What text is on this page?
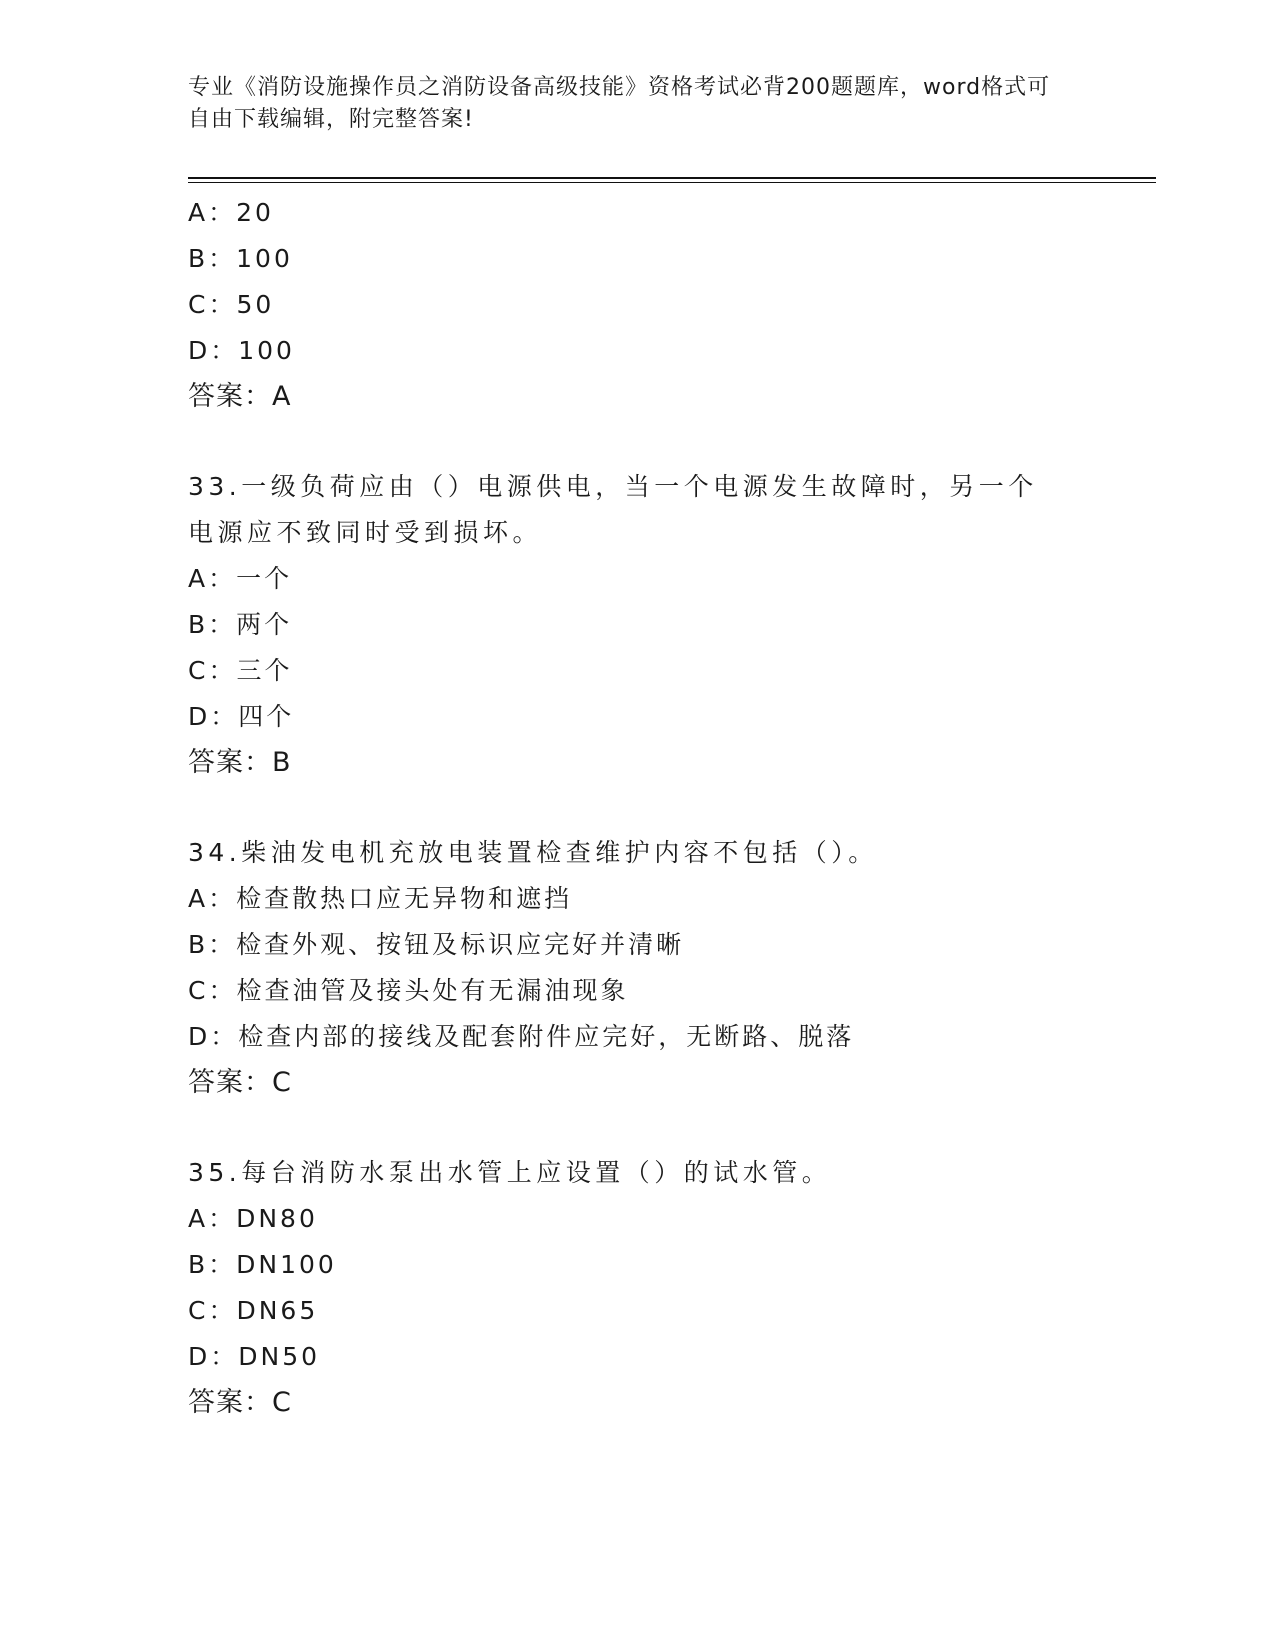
专业《消防设施操作员之消防设备高级技能》资格考试必背200题题库，word格式可自由下载编辑，附完整答案!
A：20
B：100
C：50
D：100
答案：A
33.一级负荷应由（）电源供电，当一个电源发生故障时，另一个电源应不致同时受到损坏。
A：一个
B：两个
C：三个
D：四个
答案：B
34.柴油发电机充放电装置检查维护内容不包括（）。
A：检查散热口应无异物和遮挡
B：检查外观、按钮及标识应完好并清晰
C：检查油管及接头处有无漏油现象
D：检查内部的接线及配套附件应完好，无断路、脱落
答案：C
35.每台消防水泵出水管上应设置（）的试水管。
A：DN80
B：DN100
C：DN65
D：DN50
答案：C
